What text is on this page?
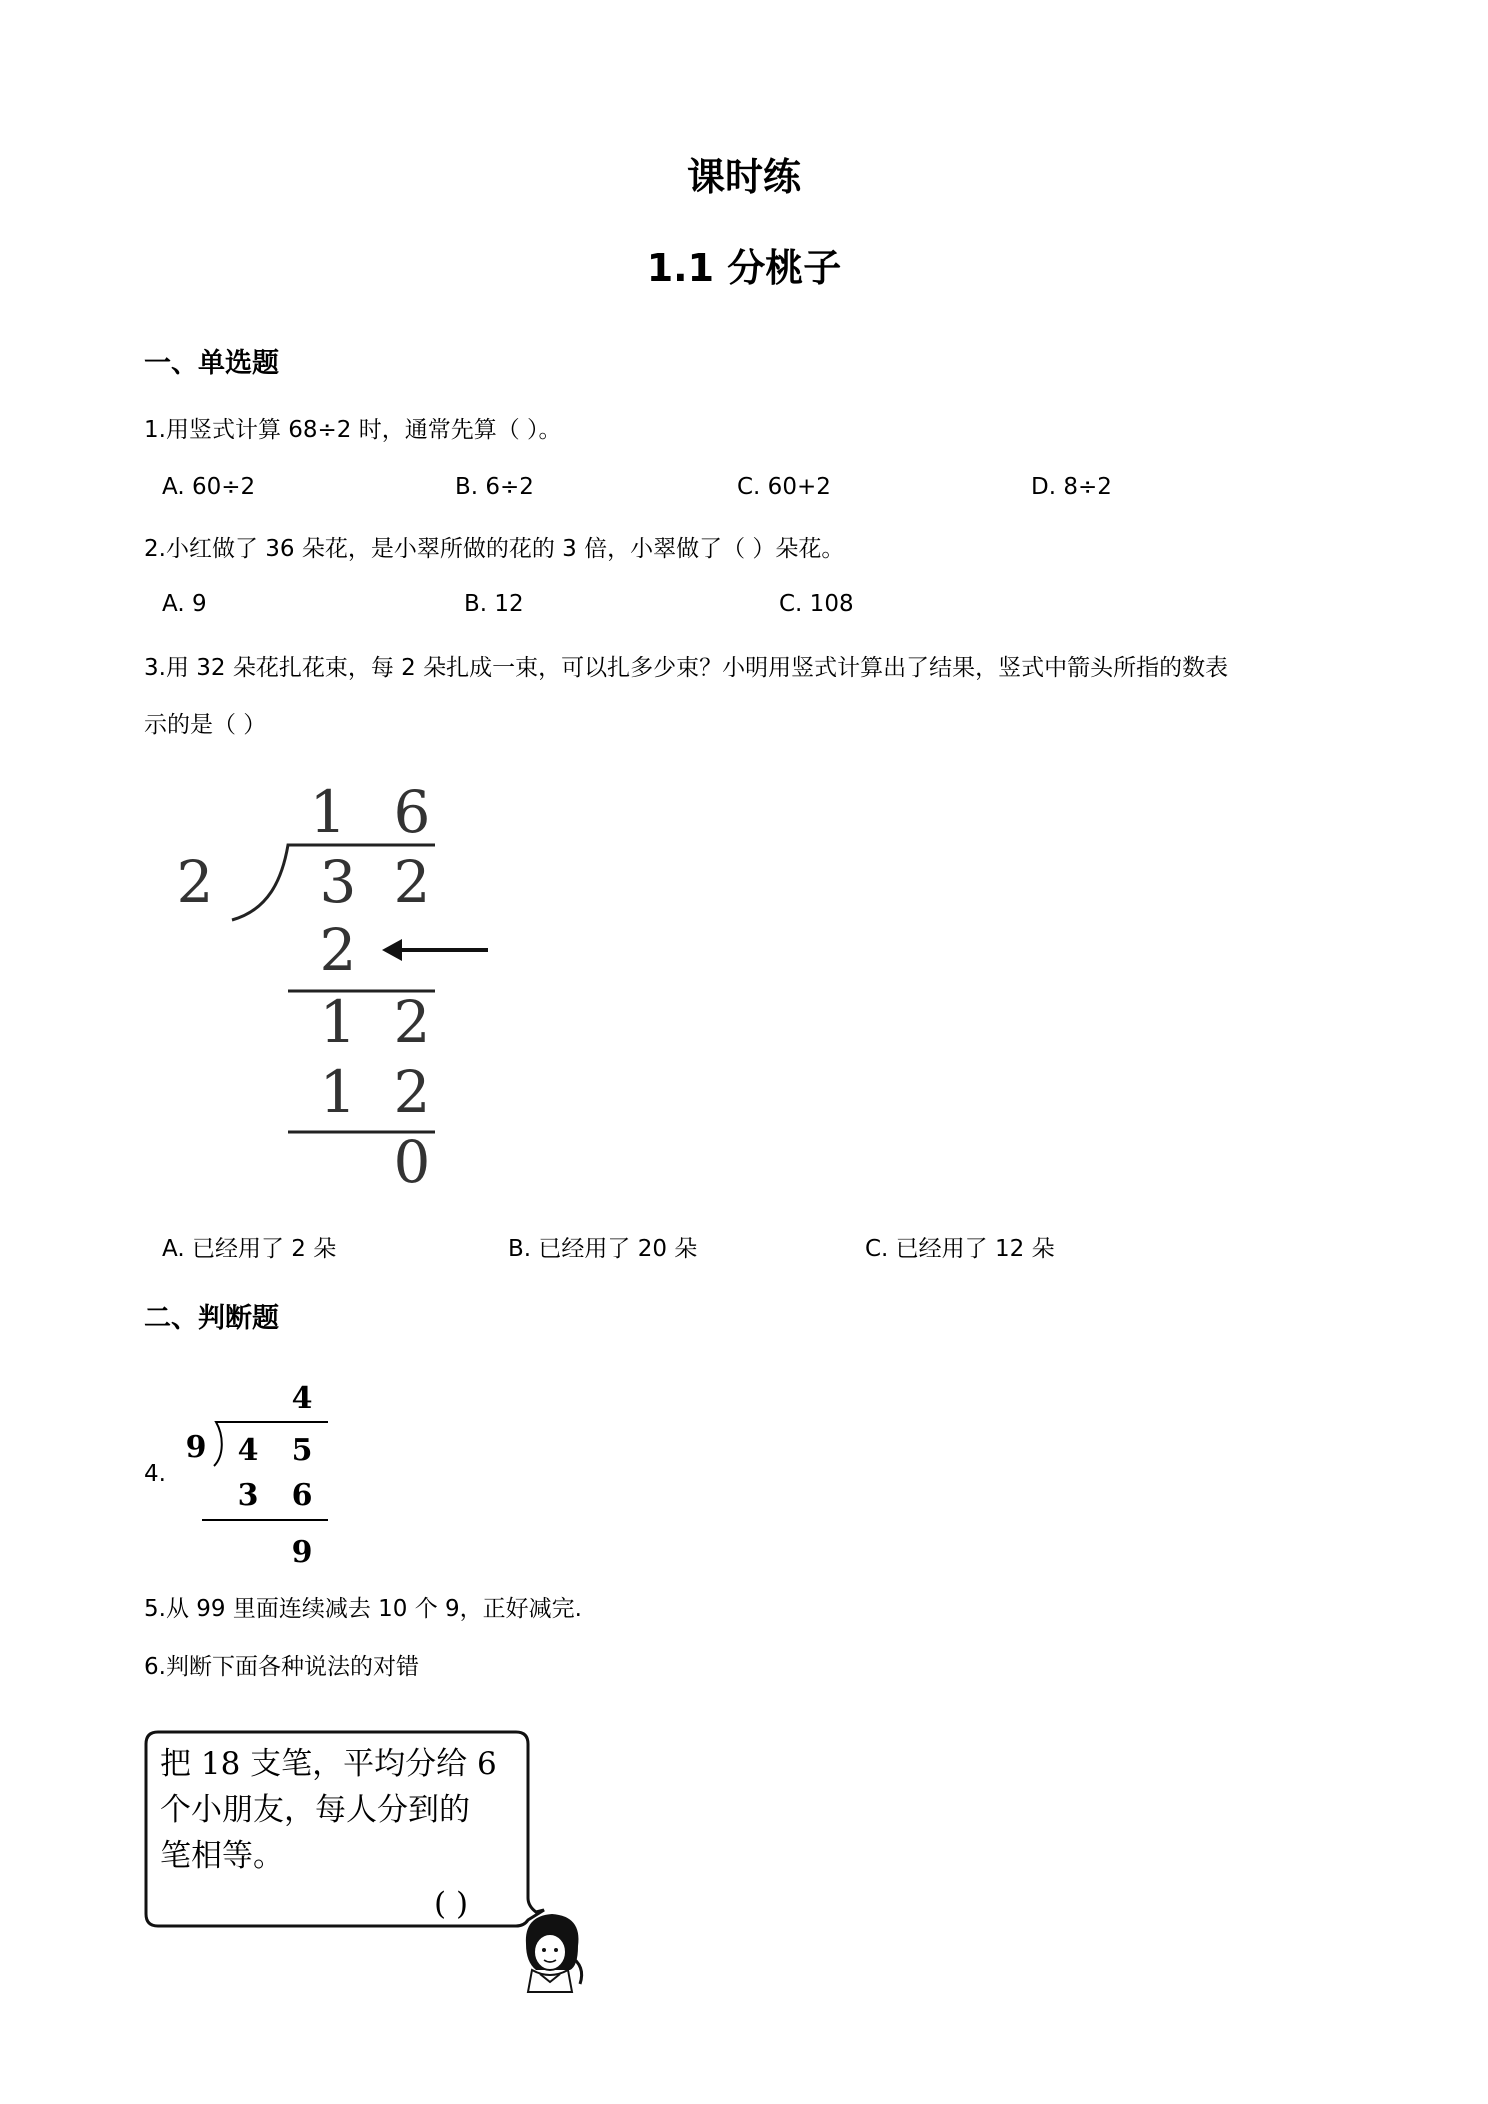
课时练
1.1 分桃子
一、单选题
1.用竖式计算 68÷2 时，通常先算（ ）。
A. 60÷2	B. 6÷2	C. 60+2	D. 8÷2
2.小红做了 36 朵花，是小翠所做的花的 3 倍，小翠做了（ ）朵花。
A. 9	B. 12	C. 108
3.用 32 朵花扎花束，每 2 朵扎成一束，可以扎多少束？小明用竖式计算出了结果，竖式中箭头所指的数表
示的是（ ）
1 6
2 3 2
2
1 2
1 2
0
A. 已经用了 2 朵	B. 已经用了 20 朵	C. 已经用了 12 朵
二、判断题
4.
4
9 4 5
3 6
9
5.从 99 里面连续减去 10 个 9，正好减完.
6.判断下面各种说法的对错
把 18 支笔，平均分给 6
个小朋友，每人分到的
笔相等。
( )
